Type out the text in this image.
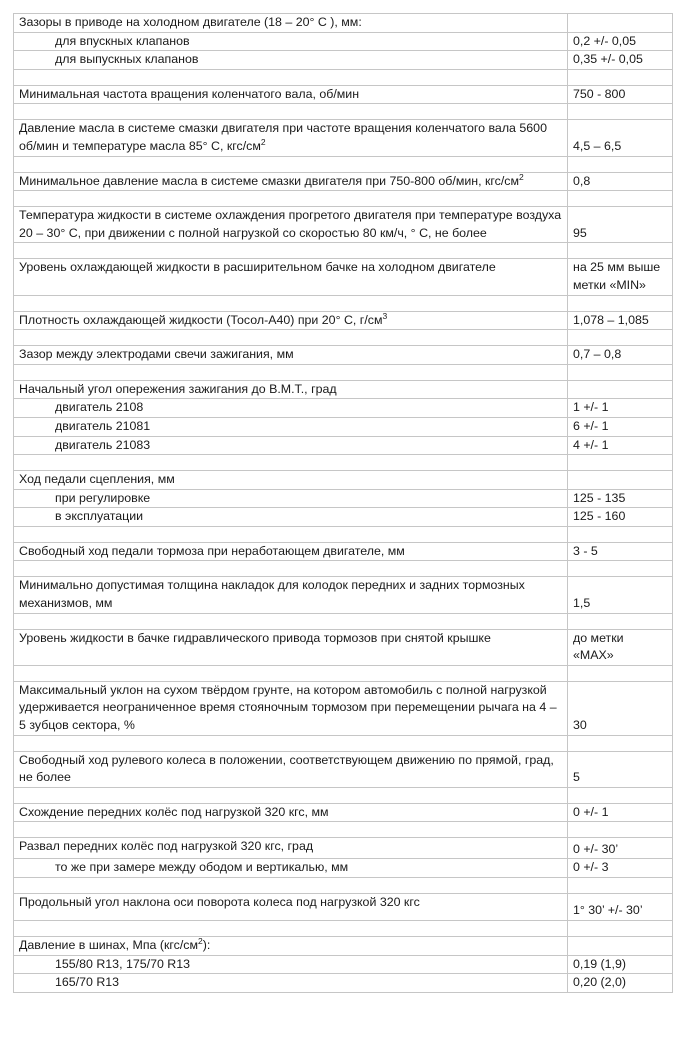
Зазоры в приводе на холодном двигателе (18 – 20° С ), мм:	
для впускных клапанов	0,2 +/- 0,05
для выпускных клапанов	0,35 +/- 0,05

Минимальная частота вращения коленчатого вала, об/мин	750 - 800

Давление масла в системе смазки двигателя при частоте вращения коленчатого вала 5600 об/мин и температуре масла 85° С, кгс/$см^2$	4,5 – 6,5

Минимальное давление масла в системе смазки двигателя при 750-800 об/мин, кгс/$см^2$	0,8

Температура жидкости в системе охлаждения прогретого двигателя при температуре воздуха 20 – 30° С, при движении с полной нагрузкой со скоростью 80 км/ч, ° С, не более	95

Уровень охлаждающей жидкости в расширительном бачке на холодном двигателе	на 25 мм выше метки «MIN»

Плотность охлаждающей жидкости (Тосол-А40) при 20° С, $г/см^3$	1,078 – 1,085

Зазор между электродами свечи зажигания, мм	0,7 – 0,8

Начальный угол опережения зажигания до В.М.Т., град	
двигатель 2108	1 +/- 1
двигатель 21081	6 +/- 1
двигатель 21083	4 +/- 1

Ход педали сцепления, мм	
при регулировке	125 - 135
в эксплуатации	125 - 160

Свободный ход педали тормоза при неработающем двигателе, мм	3 - 5

Минимально допустимая толщина накладок для колодок передних и задних тормозных механизмов, мм	1,5

Уровень жидкости в бачке гидравлического привода тормозов при снятой крышке	до метки «MAX»

Максимальный уклон на сухом твёрдом грунте, на котором автомобиль с полной нагрузкой удерживается неограниченное время стояночным тормозом при перемещении рычага на 4 – 5 зубцов сектора, %	30

Свободный ход рулевого колеса в положении, соответствующем движению по прямой, град, не более	5

Схождение передних колёс под нагрузкой 320 кгс, мм	0 +/- 1

Развал передних колёс под нагрузкой 320 кгс, град	0 +/- 30’
то же при замере между ободом и вертикалью, мм	0 +/- 3

Продольный угол наклона оси поворота колеса под нагрузкой 320 кгс	1° 30’ +/- 30’

Давление в шинах, Мпа $(кгс/см^2)$:	
155/80 R13, 175/70 R13	0,19 (1,9)
165/70 R13	0,20 (2,0)
